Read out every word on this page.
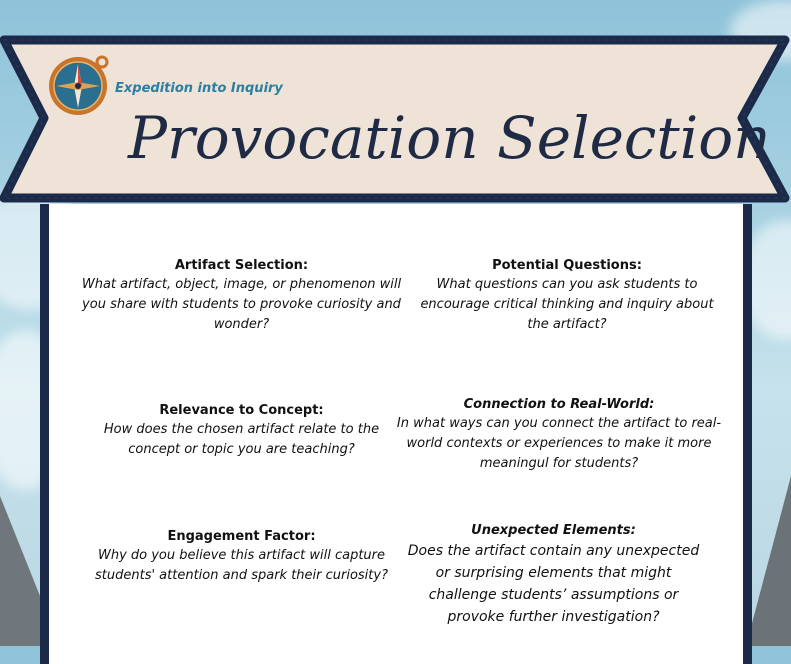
Artifact Selection:
What artifact, object, image, or phenomenon will you share with students to provoke curiosity and wonder?
Potential Questions:
What questions can you ask students to encourage critical thinking and inquiry about the artifact?
Relevance to Concept:
How does the chosen artifact relate to the concept or topic you are teaching?
Connection to Real-World:
In what ways can you connect the artifact to real-world contexts or experiences to make it more meaningul for students?
Engagement Factor:
Why do you believe this artifact will capture students' attention and spark their curiosity?
Unexpected Elements:
Does the artifact contain any unexpected or surprising elements that might challenge students’ assumptions or provoke further investigation?
Expedition into Inquiry
Provocation Selection
